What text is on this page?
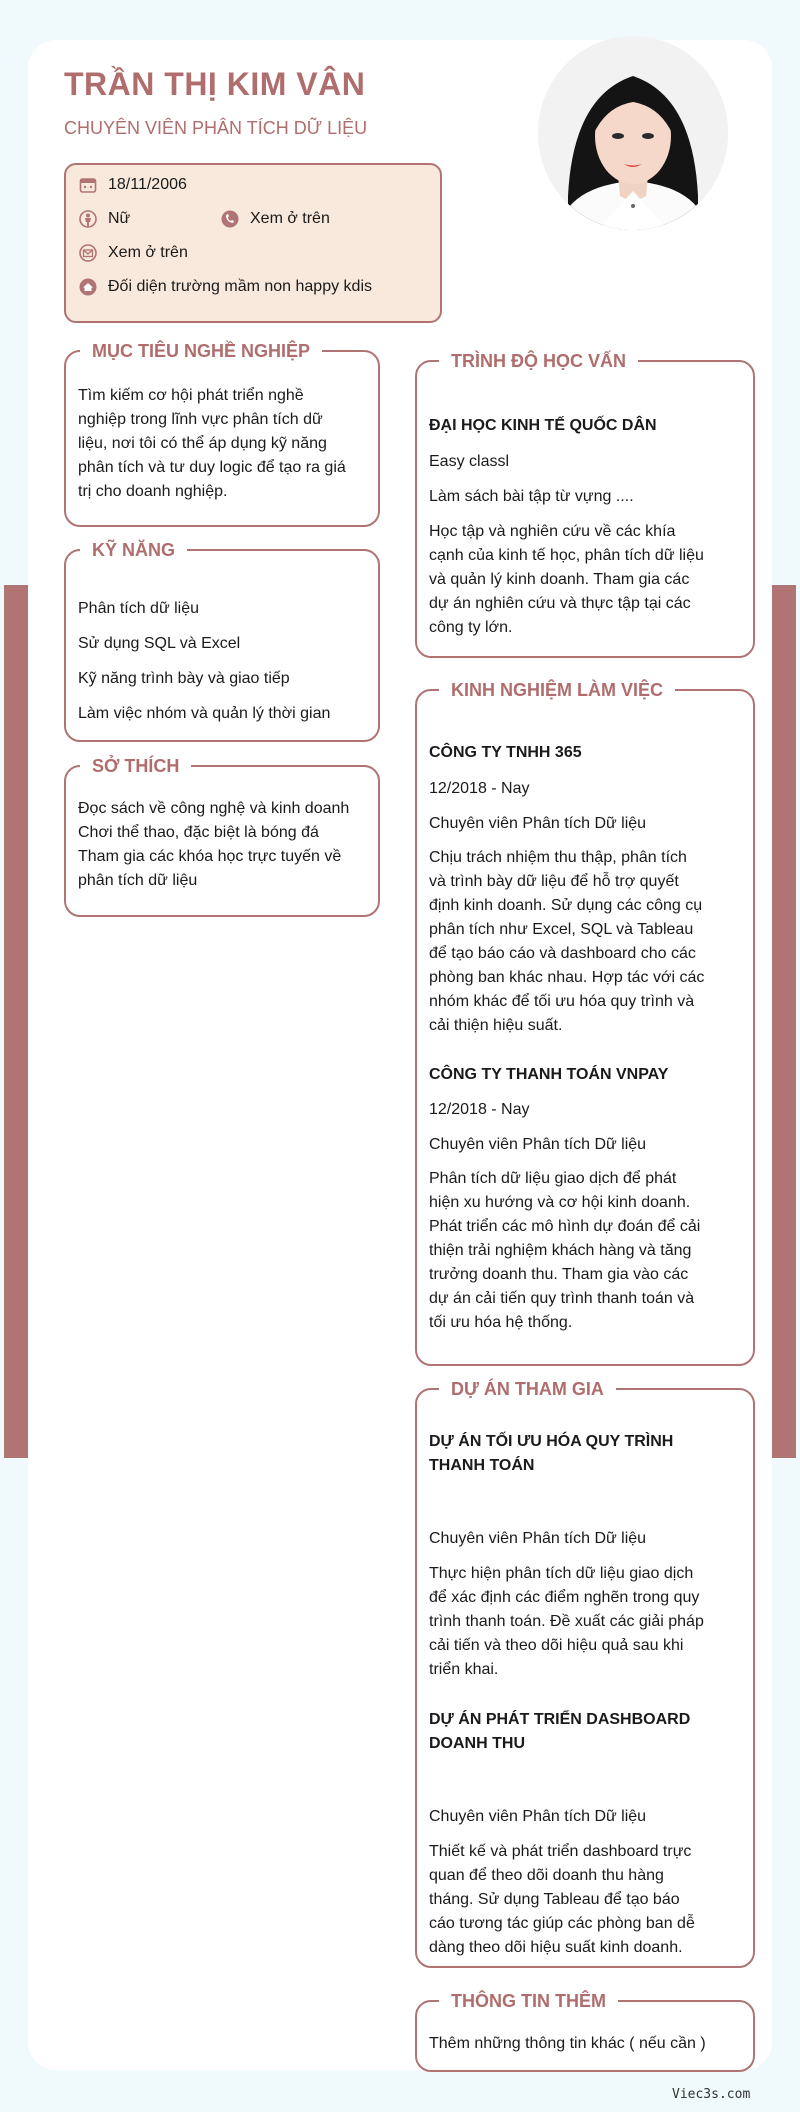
TRẦN THỊ KIM VÂN
CHUYÊN VIÊN PHÂN TÍCH DỮ LIỆU
18/11/2006
Nữ	Xem ở trên
Xem ở trên
Đối diện trường mầm non happy kdis
MỤC TIÊU NGHỀ NGHIỆP
Tìm kiếm cơ hội phát triển nghề
nghiệp trong lĩnh vực phân tích dữ
liệu, nơi tôi có thể áp dụng kỹ năng
phân tích và tư duy logic để tạo ra giá
trị cho doanh nghiệp.
KỸ NĂNG
Phân tích dữ liệu
Sử dụng SQL và Excel
Kỹ năng trình bày và giao tiếp
Làm việc nhóm và quản lý thời gian
SỞ THÍCH
Đọc sách về công nghệ và kinh doanh
Chơi thể thao, đặc biệt là bóng đá
Tham gia các khóa học trực tuyến về
phân tích dữ liệu
TRÌNH ĐỘ HỌC VẤN
ĐẠI HỌC KINH TẾ QUỐC DÂN
Easy classl
Làm sách bài tập từ vựng ....
Học tập và nghiên cứu về các khía
cạnh của kinh tế học, phân tích dữ liệu
và quản lý kinh doanh. Tham gia các
dự án nghiên cứu và thực tập tại các
công ty lớn.
KINH NGHIỆM LÀM VIỆC
CÔNG TY TNHH 365
12/2018 - Nay
Chuyên viên Phân tích Dữ liệu
Chịu trách nhiệm thu thập, phân tích
và trình bày dữ liệu để hỗ trợ quyết
định kinh doanh. Sử dụng các công cụ
phân tích như Excel, SQL và Tableau
để tạo báo cáo và dashboard cho các
phòng ban khác nhau. Hợp tác với các
nhóm khác để tối ưu hóa quy trình và
cải thiện hiệu suất.
CÔNG TY THANH TOÁN VNPAY
12/2018 - Nay
Chuyên viên Phân tích Dữ liệu
Phân tích dữ liệu giao dịch để phát
hiện xu hướng và cơ hội kinh doanh.
Phát triển các mô hình dự đoán để cải
thiện trải nghiệm khách hàng và tăng
trưởng doanh thu. Tham gia vào các
dự án cải tiến quy trình thanh toán và
tối ưu hóa hệ thống.
DỰ ÁN THAM GIA
DỰ ÁN TỐI ƯU HÓA QUY TRÌNH
THANH TOÁN
Chuyên viên Phân tích Dữ liệu
Thực hiện phân tích dữ liệu giao dịch
để xác định các điểm nghẽn trong quy
trình thanh toán. Đề xuất các giải pháp
cải tiến và theo dõi hiệu quả sau khi
triển khai.
DỰ ÁN PHÁT TRIỂN DASHBOARD
DOANH THU
Chuyên viên Phân tích Dữ liệu
Thiết kế và phát triển dashboard trực
quan để theo dõi doanh thu hàng
tháng. Sử dụng Tableau để tạo báo
cáo tương tác giúp các phòng ban dễ
dàng theo dõi hiệu suất kinh doanh.
THÔNG TIN THÊM
Thêm những thông tin khác ( nếu cần )
Viec3s.com
